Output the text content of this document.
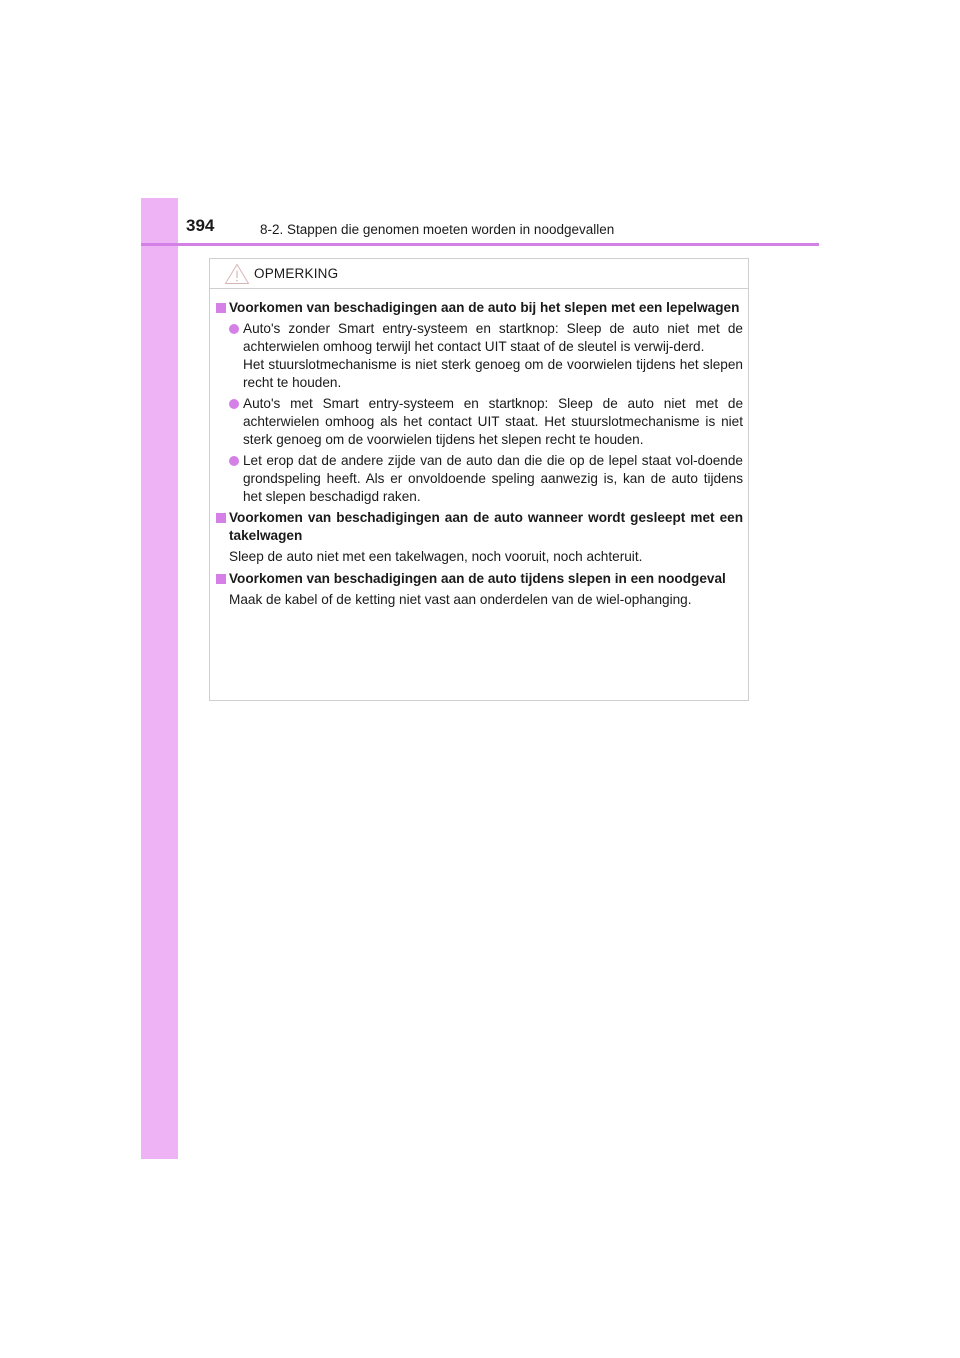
394	8-2. Stappen die genomen moeten worden in noodgevallen
OPMERKING

Voorkomen van beschadigingen aan de auto bij het slepen met een lepelwagen

Auto's zonder Smart entry-systeem en startknop: Sleep de auto niet met de achterwielen omhoog terwijl het contact UIT staat of de sleutel is verwij-derd.

Het stuurslotmechanisme is niet sterk genoeg om de voorwielen tijdens het slepen recht te houden.

Auto's met Smart entry-systeem en startknop: Sleep de auto niet met de achterwielen omhoog als het contact UIT staat. Het stuurslotmechanisme is niet sterk genoeg om de voorwielen tijdens het slepen recht te houden.

Let erop dat de andere zijde van de auto dan die die op de lepel staat vol-doende grondspeling heeft. Als er onvoldoende speling aanwezig is, kan de auto tijdens het slepen beschadigd raken.

Voorkomen van beschadigingen aan de auto wanneer wordt gesleept met een takelwagen

Sleep de auto niet met een takelwagen, noch vooruit, noch achteruit.

Voorkomen van beschadigingen aan de auto tijdens slepen in een noodgeval

Maak de kabel of de ketting niet vast aan onderdelen van de wiel-ophanging.
